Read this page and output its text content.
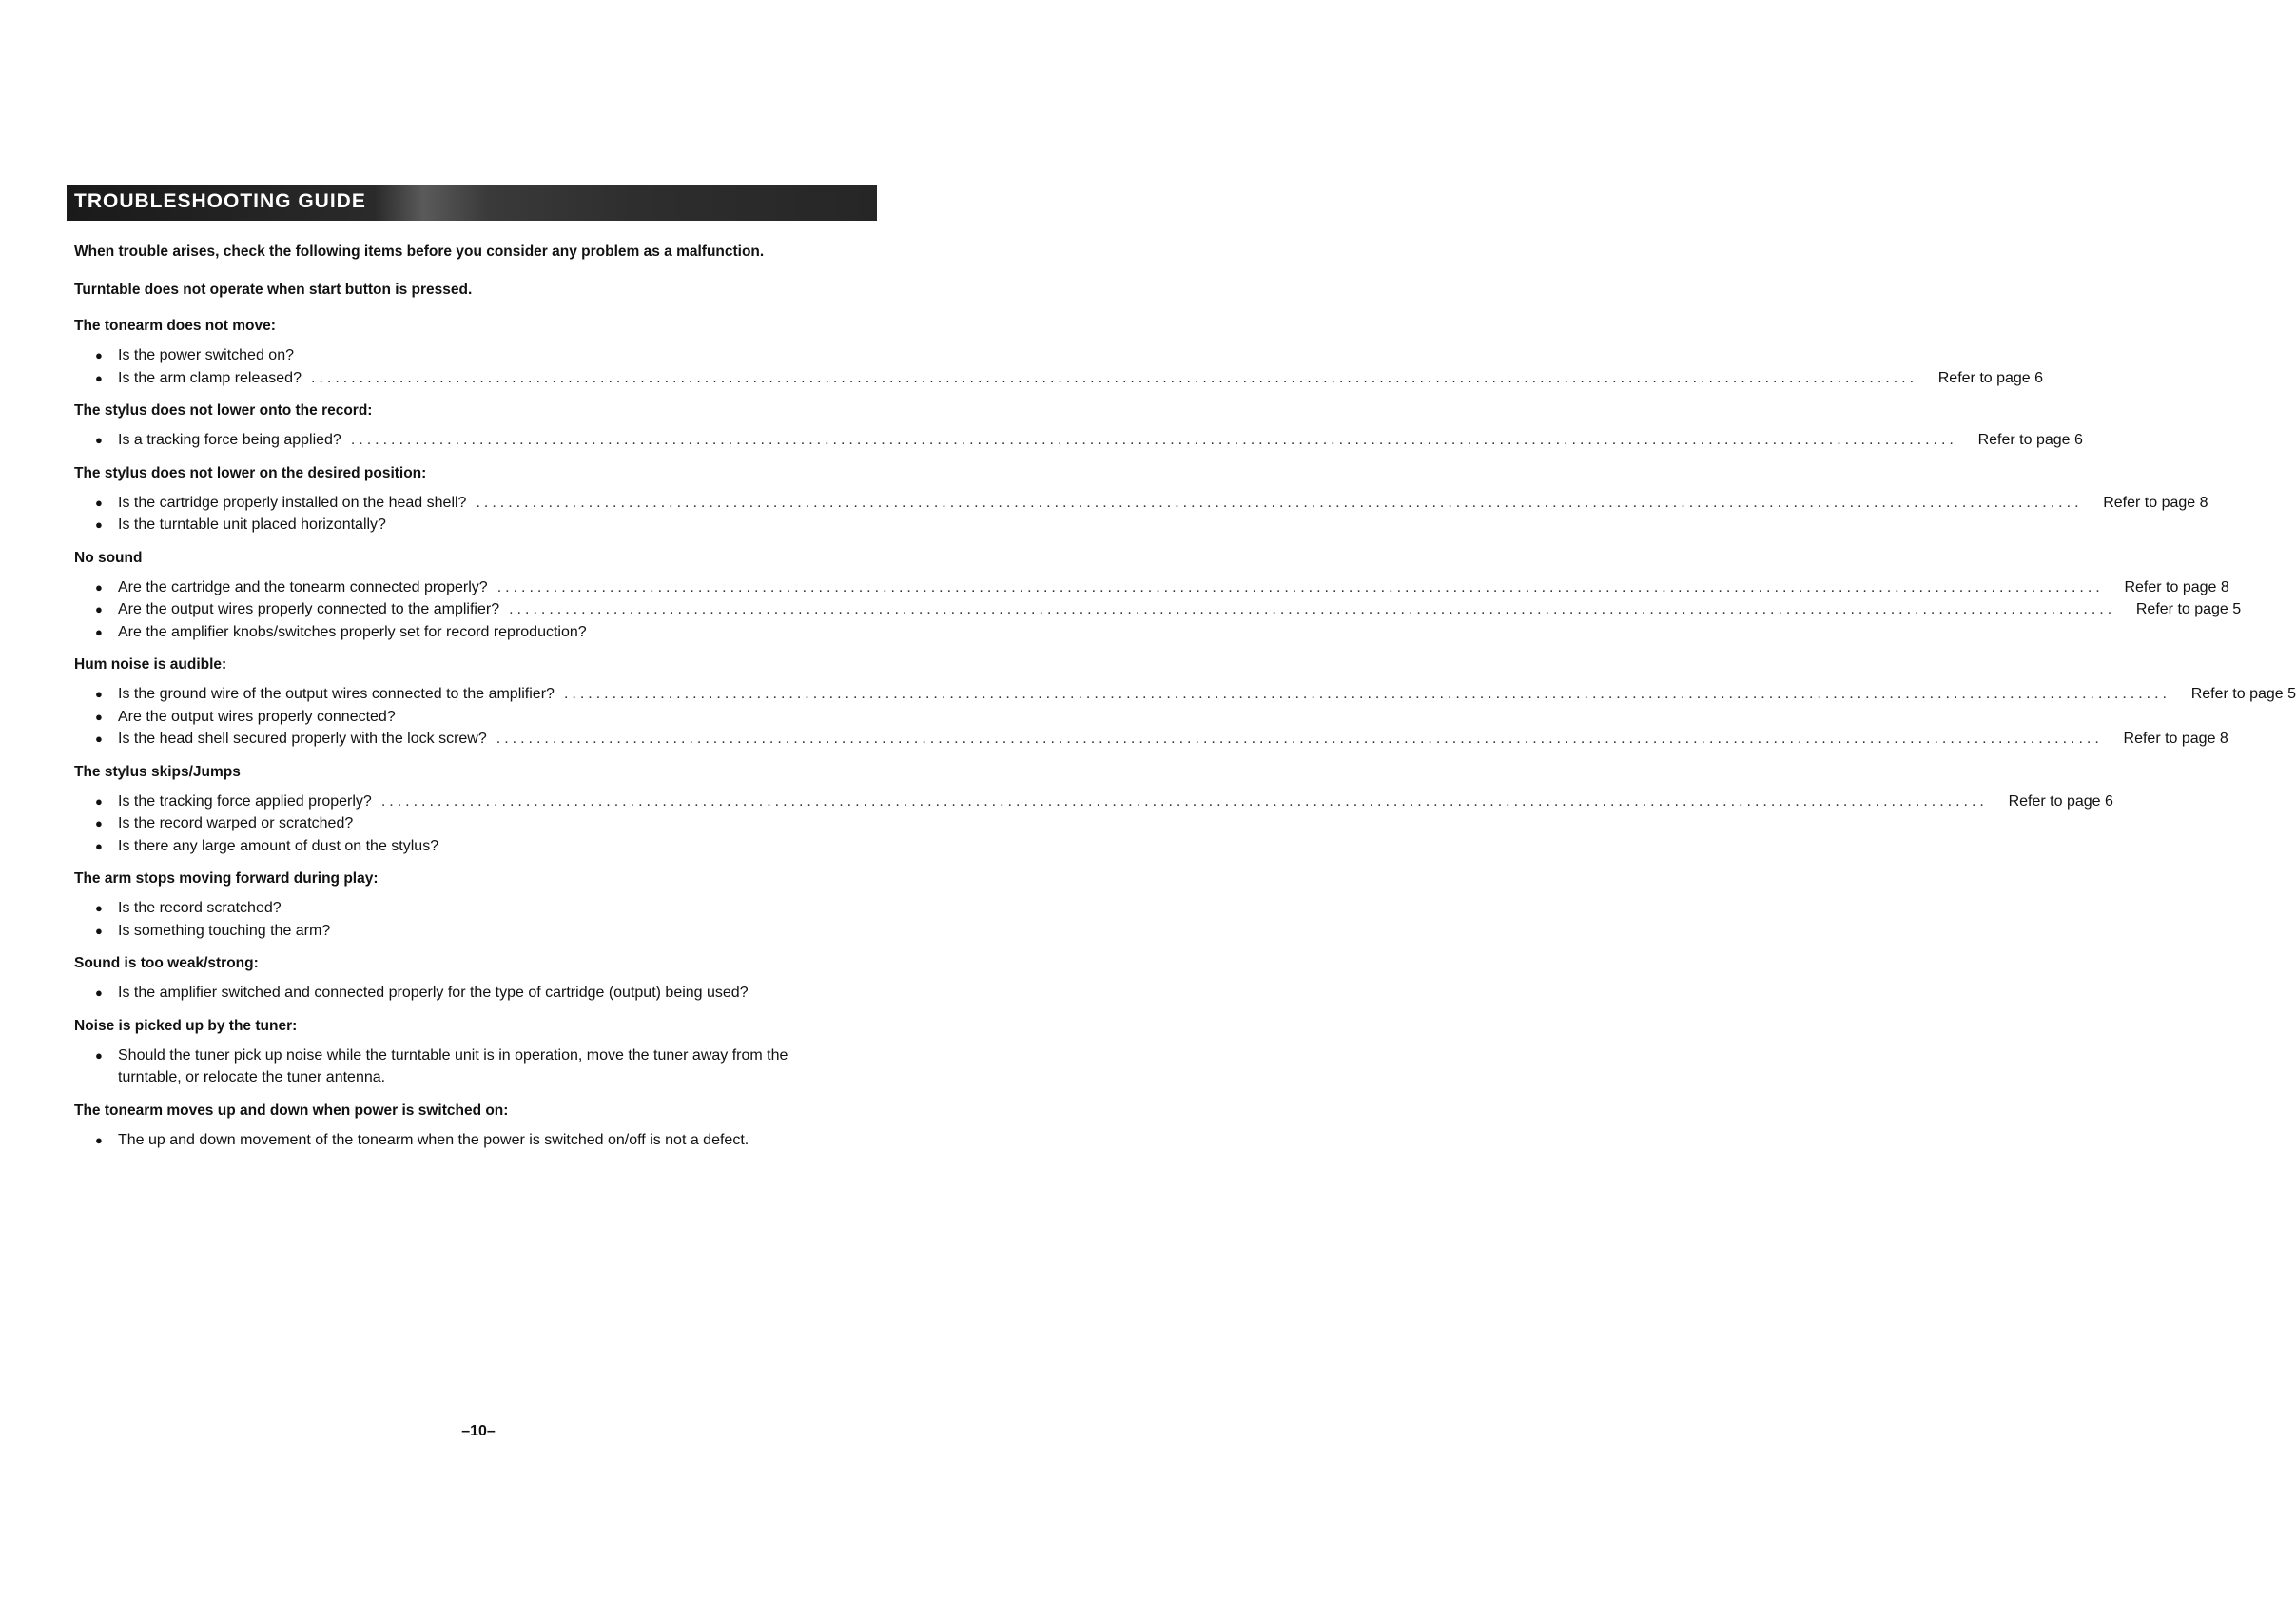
TROUBLESHOOTING GUIDE
When trouble arises, check the following items before you consider any problem as a malfunction.
Turntable does not operate when start button is pressed.
The tonearm does not move:
●	Is the power switched on?
●	Is the arm clamp released? ........................................................................................................................................................................................................	Refer to page 6
The stylus does not lower onto the record:
●	Is a tracking force being applied? ........................................................................................................................................................................................................	Refer to page 6
The stylus does not lower on the desired position:
●	Is the cartridge properly installed on the head shell? ........................................................................................................................................................................................................	Refer to page 8
●	Is the turntable unit placed horizontally?
No sound
●	Are the cartridge and the tonearm connected properly? ........................................................................................................................................................................................................	Refer to page 8
●	Are the output wires properly connected to the amplifier? ........................................................................................................................................................................................................	Refer to page 5
●	Are the amplifier knobs/switches properly set for record reproduction?
Hum noise is audible:
●	Is the ground wire of the output wires connected to the amplifier? ........................................................................................................................................................................................................	Refer to page 5
●	Are the output wires properly connected?
●	Is the head shell secured properly with the lock screw? ........................................................................................................................................................................................................	Refer to page 8
The stylus skips/Jumps
●	Is the tracking force applied properly? ........................................................................................................................................................................................................	Refer to page 6
●	Is the record warped or scratched?
●	Is there any large amount of dust on the stylus?
The arm stops moving forward during play:
●	Is the record scratched?
●	Is something touching the arm?
Sound is too weak/strong:
●	Is the amplifier switched and connected properly for the type of cartridge (output) being used?
Noise is picked up by the tuner:
●	Should the tuner pick up noise while the turntable unit is in operation, move the tuner away from the turntable, or relocate the tuner antenna.
The tonearm moves up and down when power is switched on:
●	The up and down movement of the tonearm when the power is switched on/off is not a defect.
–10–
